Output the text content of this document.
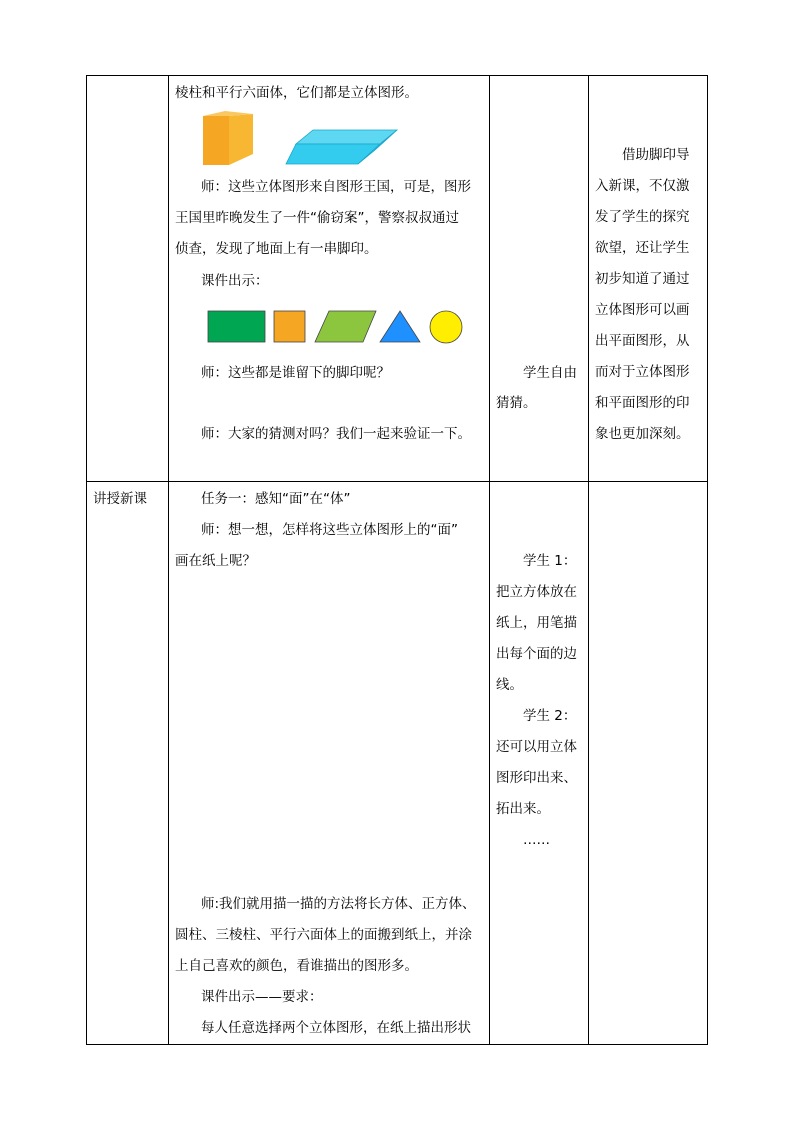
棱柱和平行六面体，它们都是立体图形。
师：这些立体图形来自图形王国，可是，图形
王国里昨晚发生了一件“偷窃案”，警察叔叔通过
侦查，发现了地面上有一串脚印。
课件出示：
师：这些都是谁留下的脚印呢？
师：大家的猜测对吗？我们一起来验证一下。
学生自由
猜猜。
借助脚印导
入新课，不仅激
发了学生的探究
欲望，还让学生
初步知道了通过
立体图形可以画
出平面图形，从
而对于立体图形
和平面图形的印
象也更加深刻。
讲授新课	任务一：感知“面”在“体”
师：想一想，怎样将这些立体图形上的“面”
画在纸上呢？
师:我们就用描一描的方法将长方体、正方体、
圆柱、三棱柱、平行六面体上的面搬到纸上，并涂
上自己喜欢的颜色，看谁描出的图形多。
课件出示——要求：
每人任意选择两个立体图形，在纸上描出形状
学生 1：
把立方体放在
纸上，用笔描
出每个面的边
线。
学生 2：
还可以用立体
图形印出来、
拓出来。
……
